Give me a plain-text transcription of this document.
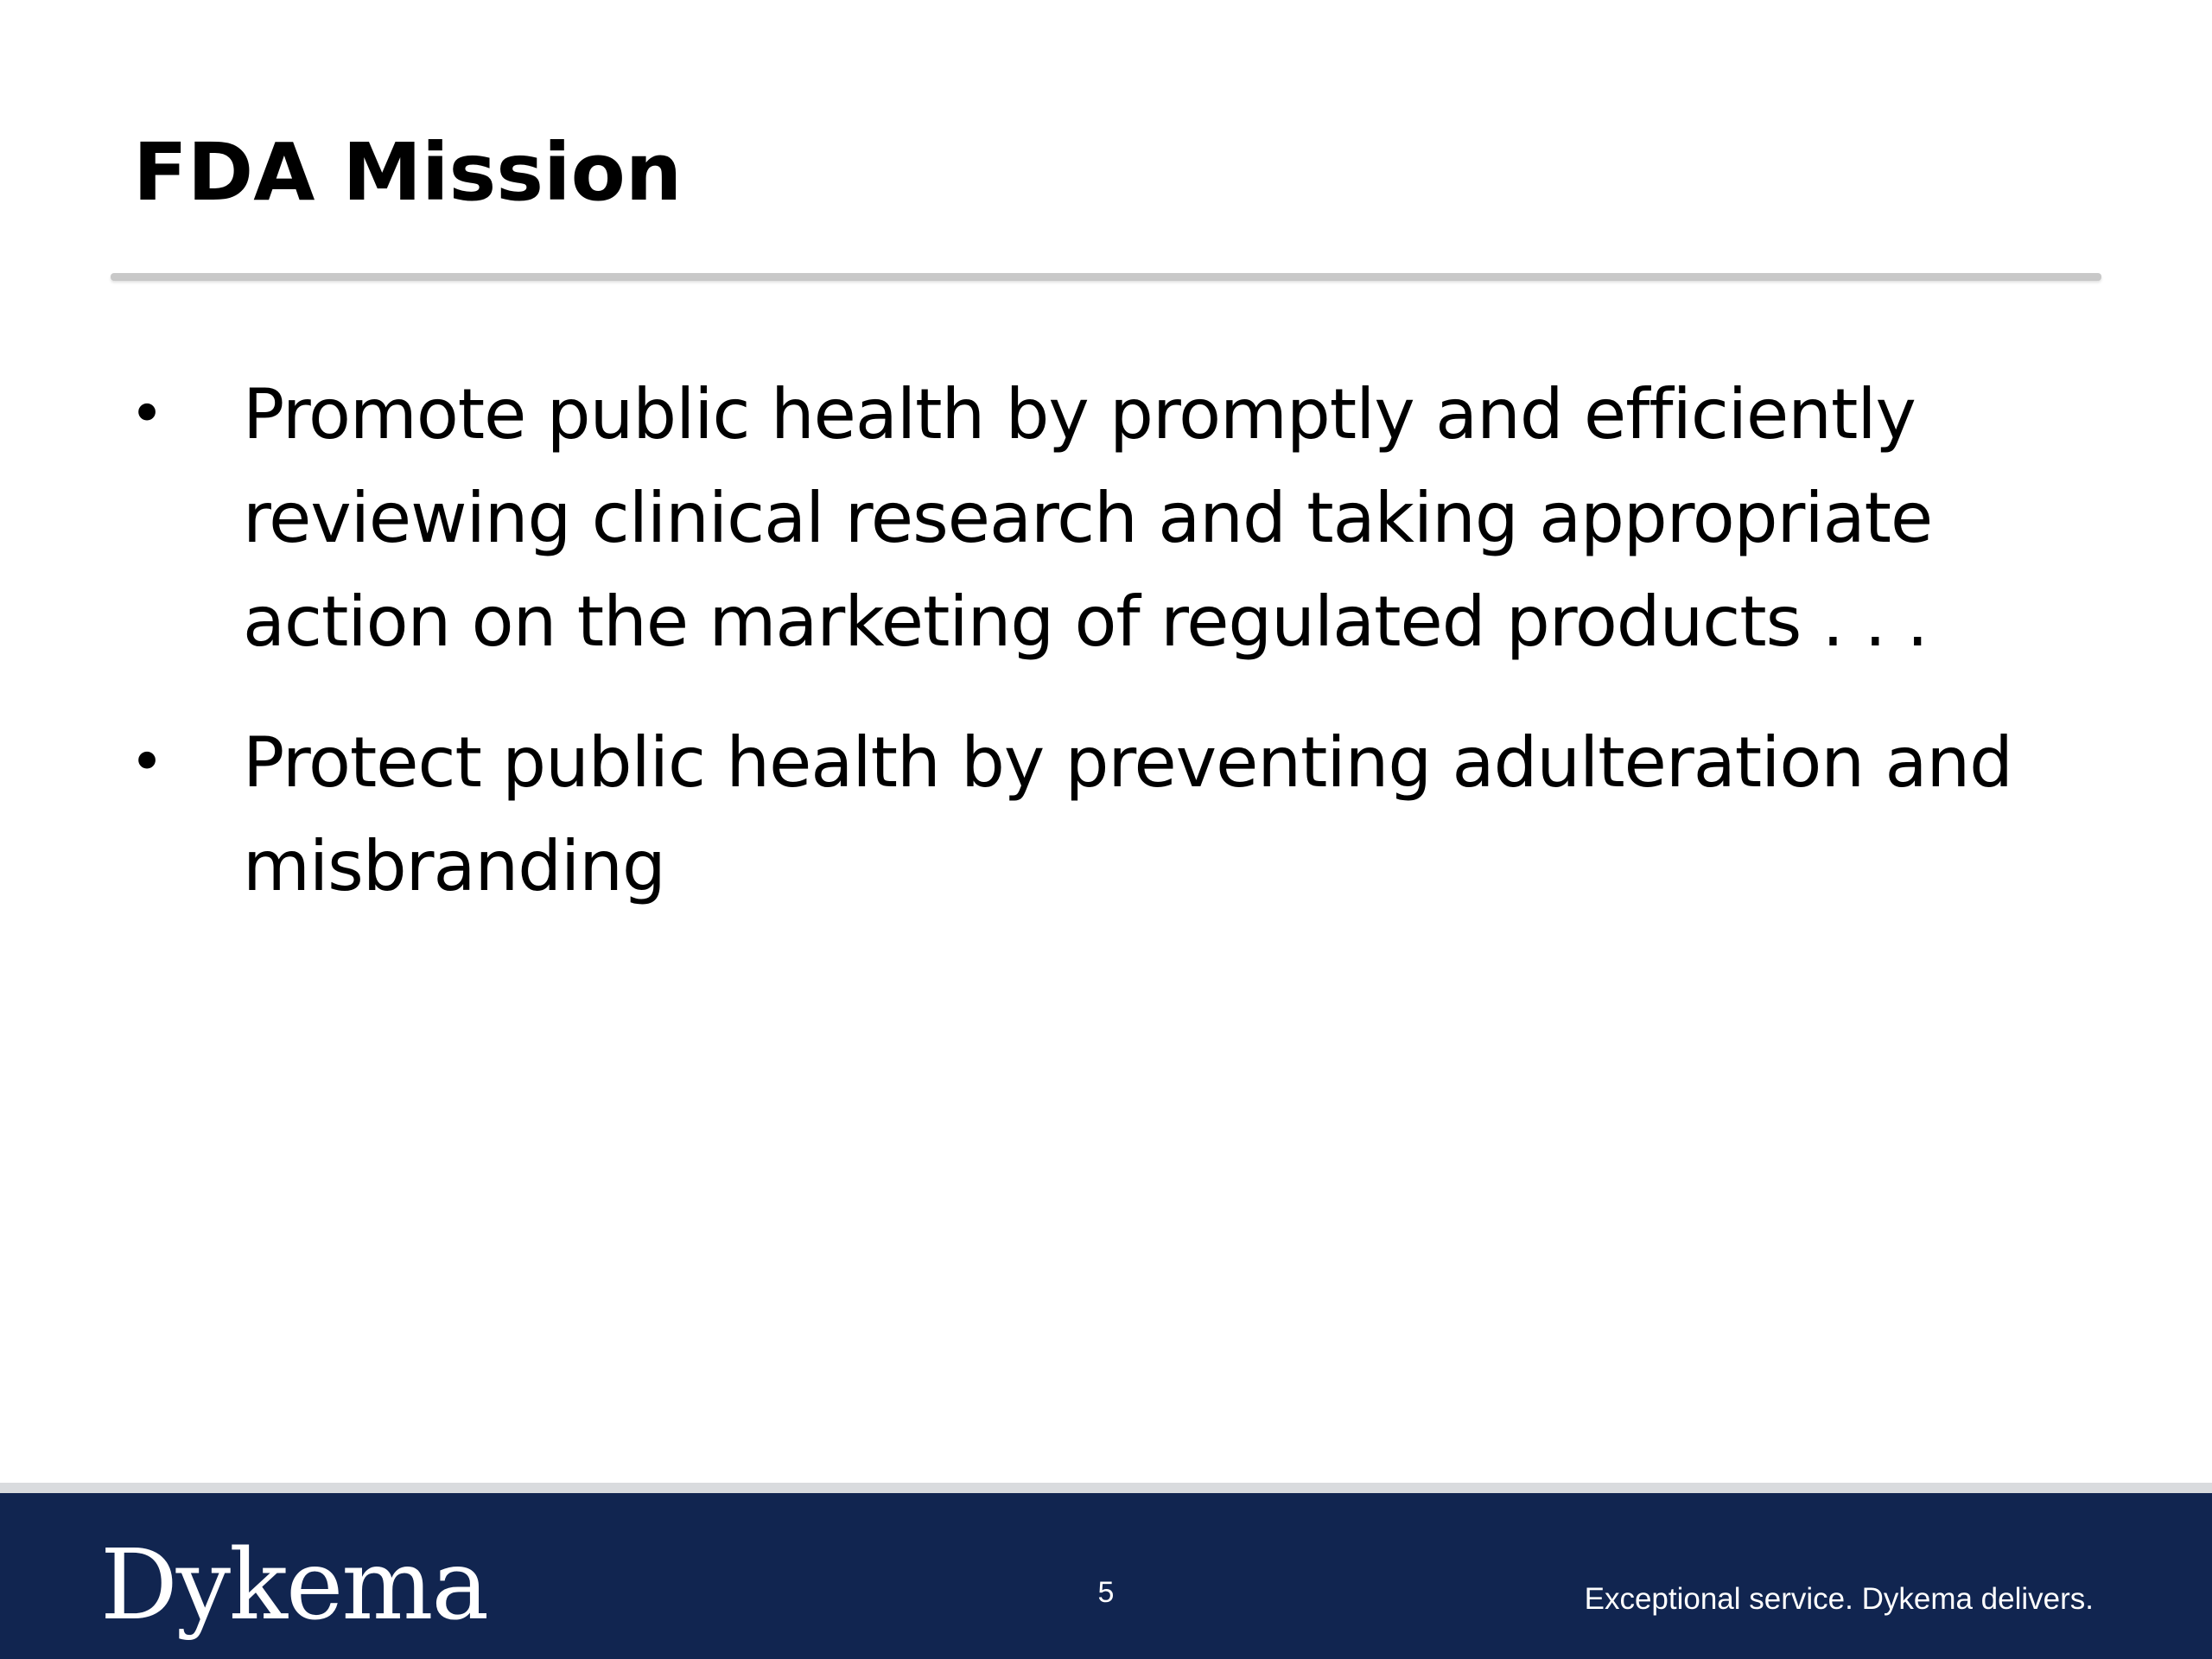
FDA Mission
• Promote public health by promptly and efficiently
reviewing clinical research and taking appropriate
action on the marketing of regulated products . . .
• Protect public health by preventing adulteration and
misbranding
Dykema	5	Exceptional service. Dykema delivers.
